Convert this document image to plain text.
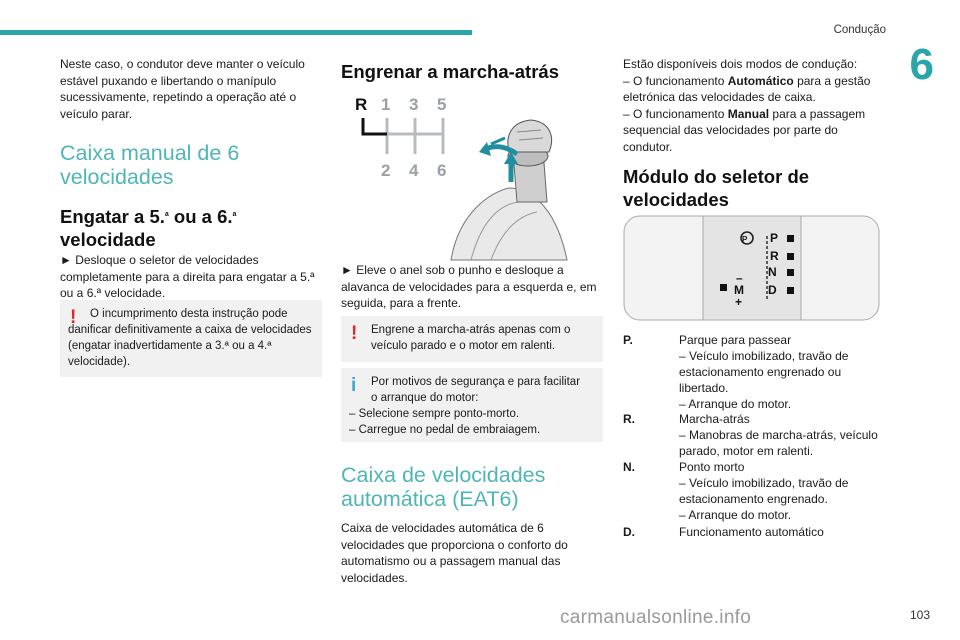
Condução
6
103
carmanualsonline.info

Neste caso, o condutor deve manter o veículo estável puxando e libertando o manípulo sucessivamente, repetindo a operação até o veículo parar.

Caixa manual de 6 velocidades
Engatar a 5.$^a$ ou a 6.$^a$
velocidade

► Desloque o seletor de velocidades completamente para a direita para engatar a 5.ª ou a 6.ª velocidade.

! O incumprimento desta instrução pode

danificar definitivamente a caixa de velocidades (engatar inadvertidamente a 3.ª ou a 4.ª velocidade).

Engrenar a marcha-atrás
R 1 3 5
2 4 6

► Eleve o anel sob o punho e desloque a alavanca de velocidades para a esquerda e, em seguida, para a frente.

! Engrene a marcha-atrás apenas com o

veículo parado e o motor em ralenti.

i Por motivos de segurança e para facilitar

o arranque do motor:

– Selecione sempre ponto-morto.

– Carregue no pedal de embraiagem.

Caixa de velocidades automática (EAT6)

Caixa de velocidades automática de 6 velocidades que proporciona o conforto do automatismo ou a passagem manual das velocidades.

Estão disponíveis dois modos de condução:

– O funcionamento Automático para a gestão eletrónica das velocidades de caixa.

– O funcionamento Manual para a passagem sequencial das velocidades por parte do condutor.

Módulo do seletor de velocidades
P P
R
N
D
M
–
+
P.	Parque para passear
– Veículo imobilizado, travão de estacionamento engrenado ou libertado.
– Arranque do motor.
R.	Marcha-atrás
– Manobras de marcha-atrás, veículo parado, motor em ralenti.
N.	Ponto morto
– Veículo imobilizado, travão de estacionamento engrenado.
– Arranque do motor.
D.	Funcionamento automático
